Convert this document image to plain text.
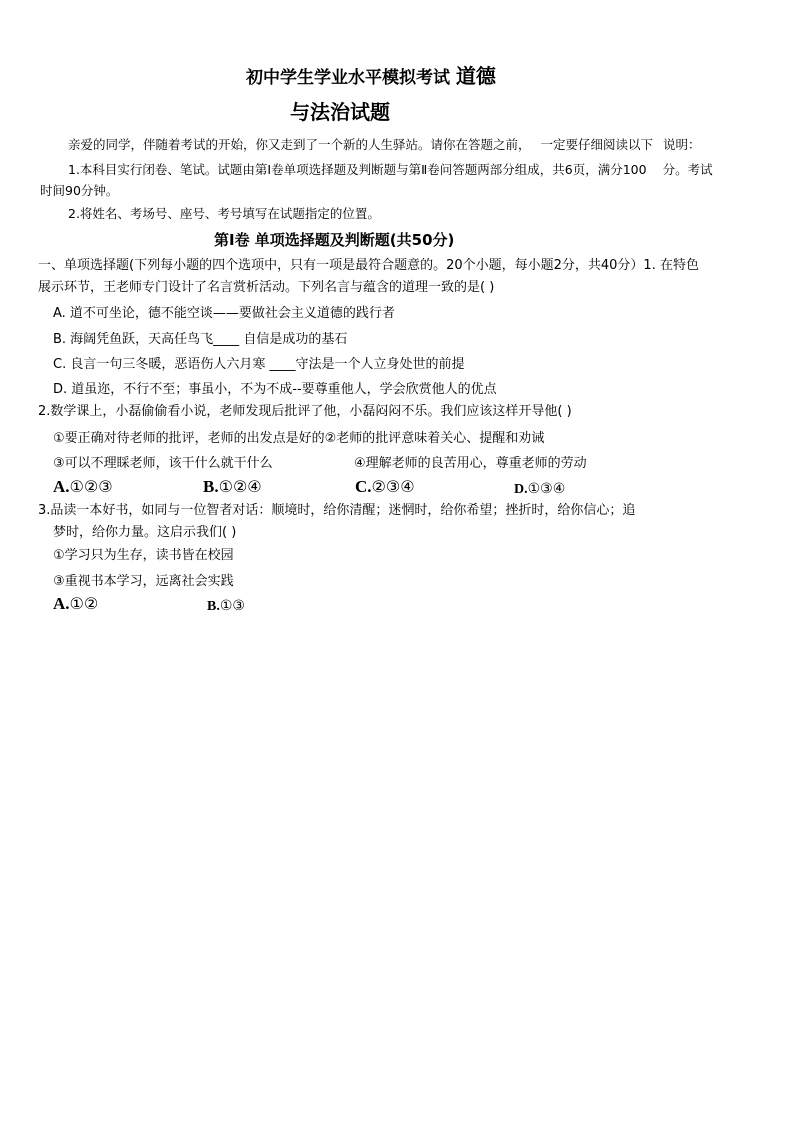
初中学生学业水平模拟考试 道德
与法治试题
亲爱的同学，伴随着考试的开始，你又走到了一个新的人生驿站。请你在答题之前， 一定要仔细阅读以下 说明：
1.本科目实行闭卷、笔试。试题由第Ⅰ卷单项选择题及判断题与第Ⅱ卷问答题两部分组成，共6页，满分100 分。考试
时间90分钟。
2.将姓名、考场号、座号、考号填写在试题指定的位置。
第Ⅰ卷 单项选择题及判断题(共50分)
一、单项选择题(下列每小题的四个选项中，只有一项是最符合题意的。20个小题，每小题2分，共40分）1. 在特色
展示环节，王老师专门设计了名言赏析活动。下列名言与蕴含的道理一致的是( )
A. 道不可坐论，德不能空谈——要做社会主义道德的践行者
B. 海阔凭鱼跃，天高任鸟飞____ 自信是成功的基石
C. 良言一句三冬暖，恶语伤人六月寒 ____守法是一个人立身处世的前提
D. 道虽迩，不行不至；事虽小，不为不成--要尊重他人，学会欣赏他人的优点
2.数学课上，小磊偷偷看小说，老师发现后批评了他，小磊闷闷不乐。我们应该这样开导他( )
①要正确对待老师的批评，老师的出发点是好的②老师的批评意味着关心、提醒和劝诫
③可以不理睬老师，该干什么就干什么	④理解老师的良苦用心，尊重老师的劳动
A.①②③	B.①②④	C.②③④	D.①③④
3.品读一本好书，如同与一位智者对话：顺境时，给你清醒；迷惘时，给你希望；挫折时，给你信心；追
梦时，给你力量。这启示我们( )
①学习只为生存，读书皆在校园
③重视书本学习，远离社会实践
A.①②	B.①③
